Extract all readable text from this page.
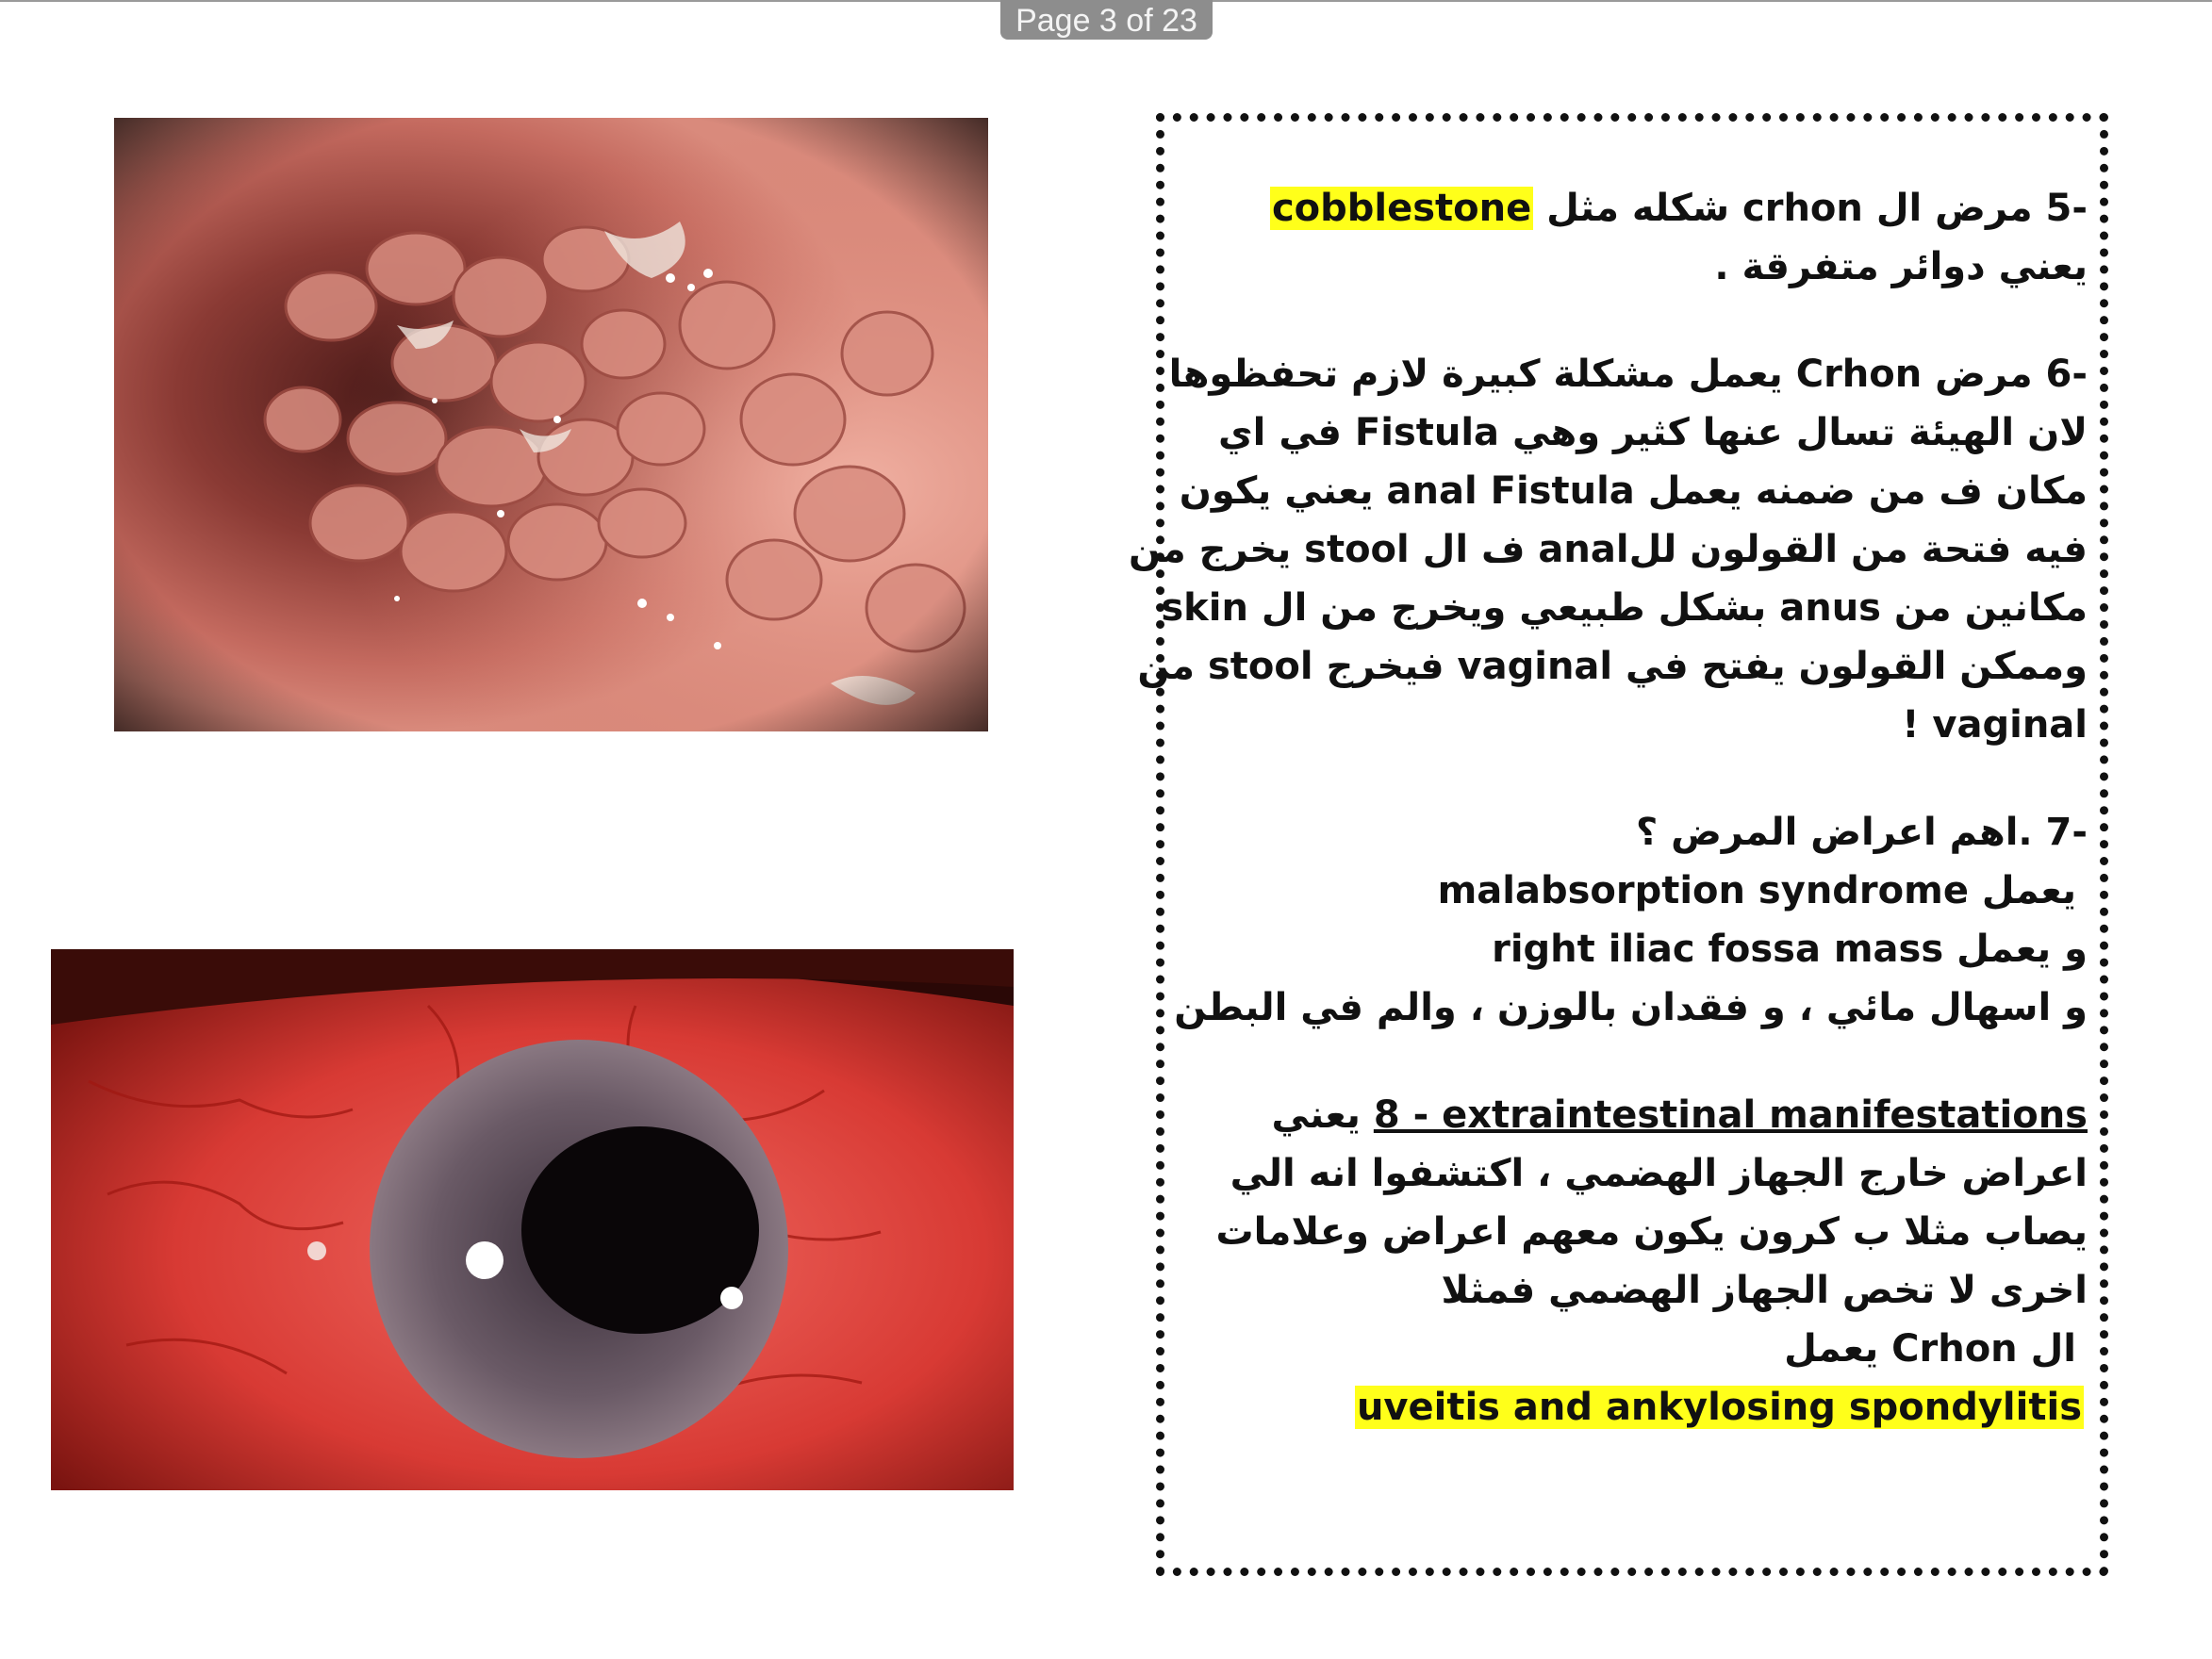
Page 3 of 23
-5 مرض ال crhon شكله مثل cobblestone
يعني دوائر متفرقة .
-6 مرض Crhon يعمل مشكلة كبيرة لازم تحفظوها
لان الهيئة تسال عنها كثير وهي Fistula في اي
مكان ف من ضمنه يعمل anal Fistula يعني يكون
فيه فتحة من القولون للanal ف ال stool يخرج من
مكانين من anus بشكل طبيعي ويخرج من ال skin
وممكن القولون يفتح في vaginal فيخرج stool من
vaginal !
-7 .اهم اعراض المرض ؟
يعمل malabsorption syndrome
و يعمل right iliac fossa mass
و اسهال مائي ، و فقدان بالوزن ، والم في البطن
8 - extraintestinal manifestations يعني
اعراض خارج الجهاز الهضمي ، اكتشفوا انه الي
يصاب مثلا ب كرون يكون معهم اعراض وعلامات
اخرى لا تخص الجهاز الهضمي فمثلا
ال Crhon يعمل
uveitis and ankylosing spondylitis
